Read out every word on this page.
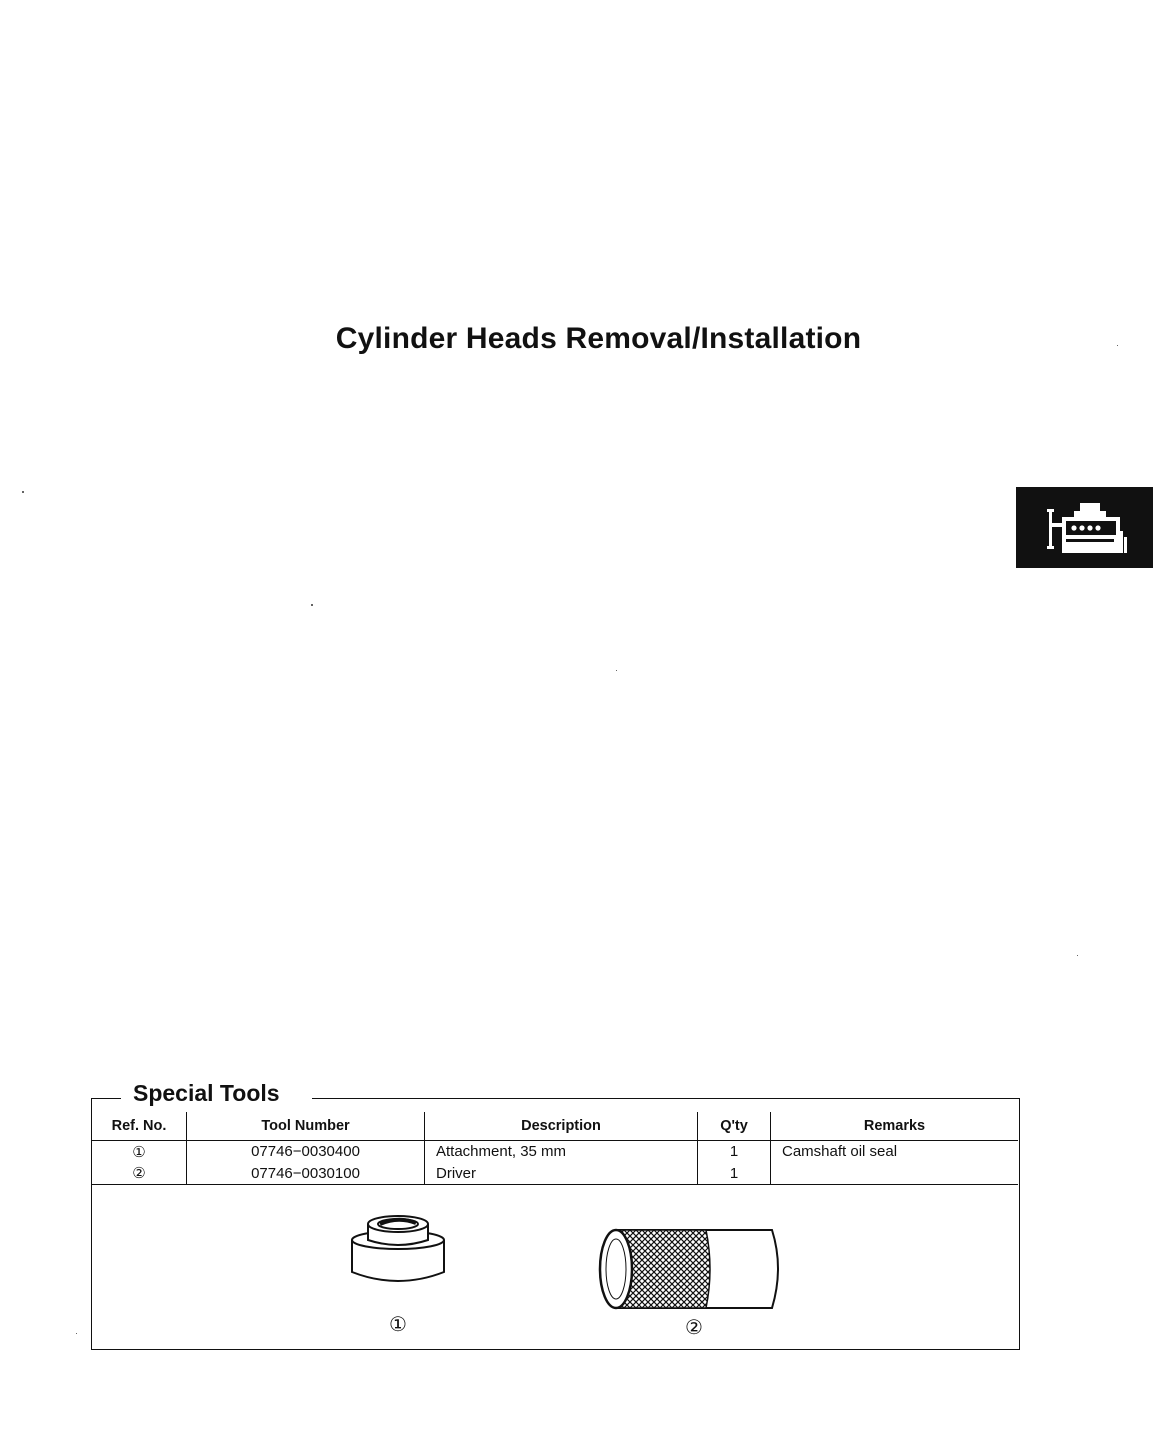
Cylinder Heads Removal/Installation
Special Tools
Ref. No.	Tool Number	Description	Q'ty	Remarks
①	07746−0030400	Attachment, 35 mm	1	Camshaft oil seal
②	07746−0030100	Driver	1	
①	②
